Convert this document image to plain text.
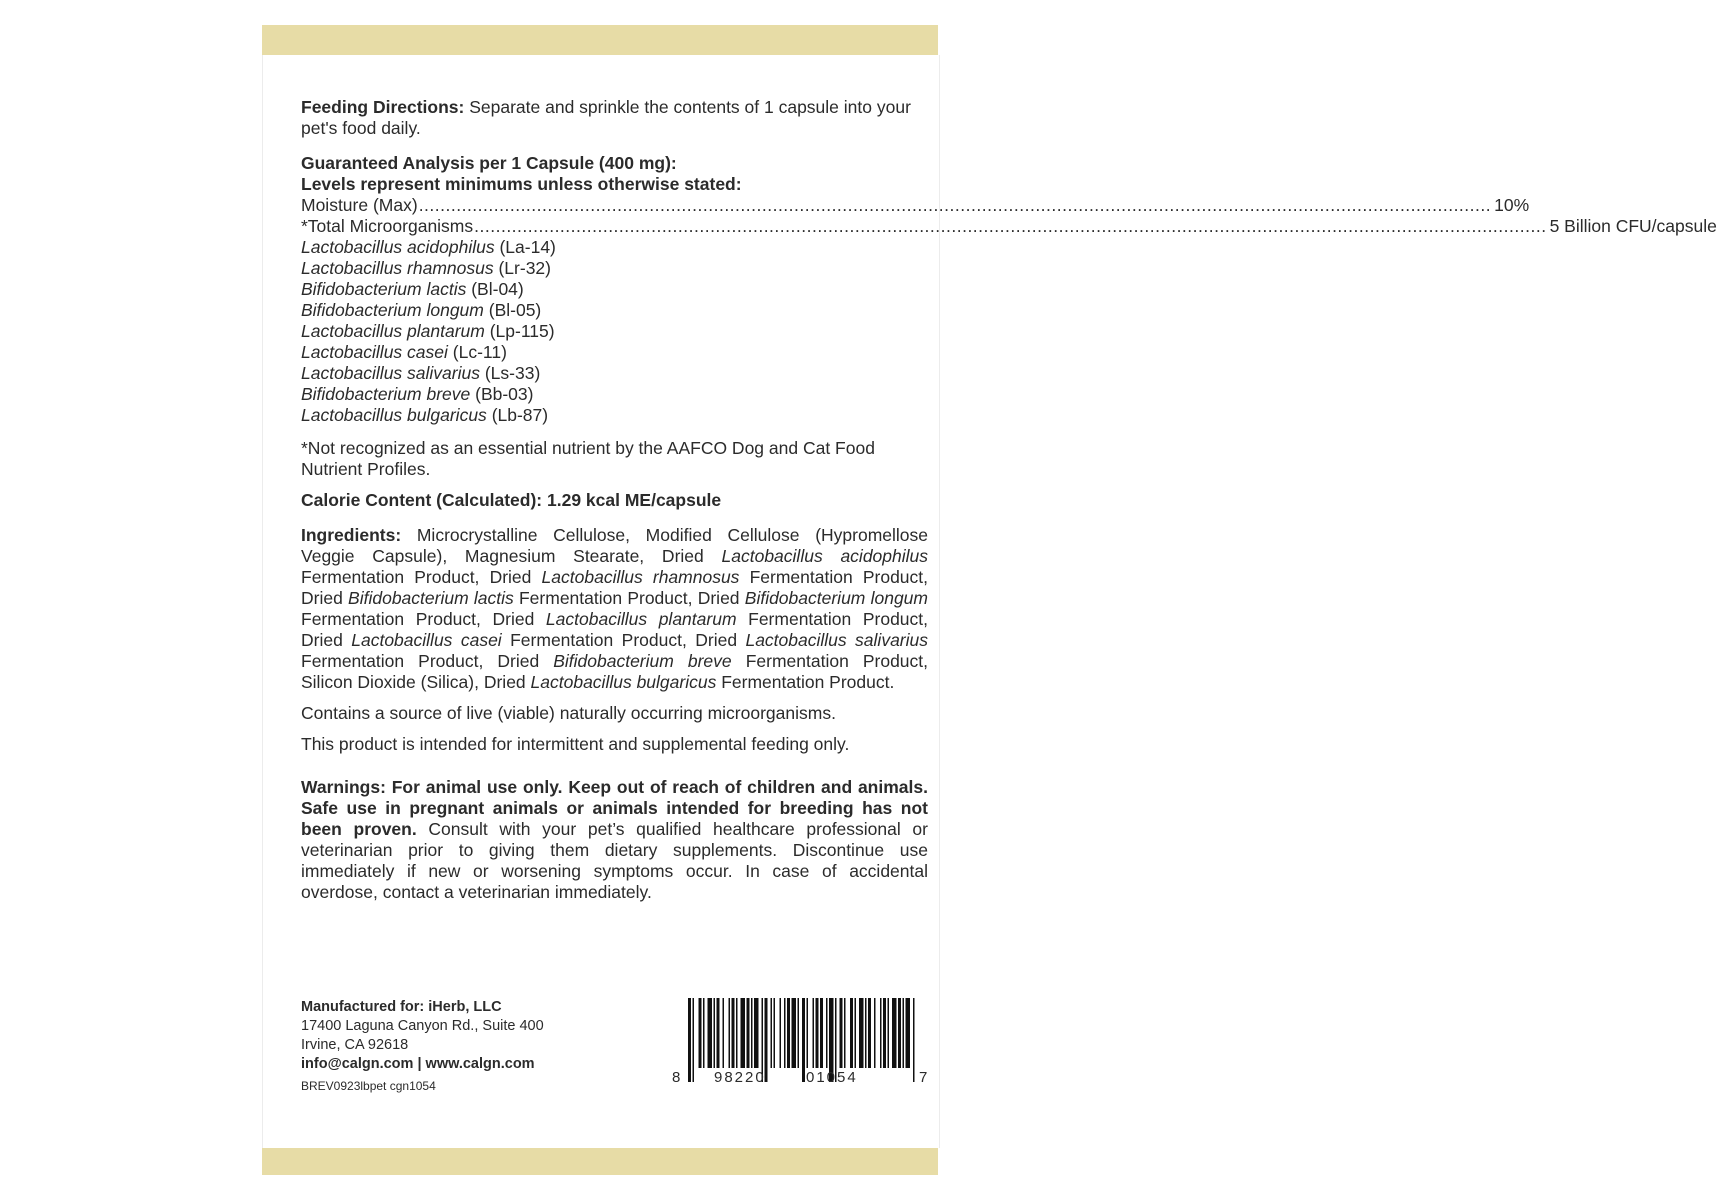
Feeding Directions: Separate and sprinkle the contents of 1 capsule into your pet's food daily.

Guaranteed Analysis per 1 Capsule (400 mg):

Levels represent minimums unless otherwise stated:

Moisture (Max) ........................................................................................................................................................................................................ 10%
*Total Microorganisms ........................................................................................................................................................................................................ 5 Billion CFU/capsule
Lactobacillus acidophilus (La-14)
Lactobacillus rhamnosus (Lr-32)
Bifidobacterium lactis (Bl-04)
Bifidobacterium longum (Bl-05)
Lactobacillus plantarum (Lp-115)
Lactobacillus casei (Lc-11)
Lactobacillus salivarius (Ls-33)
Bifidobacterium breve (Bb-03)
Lactobacillus bulgaricus (Lb-87)

*Not recognized as an essential nutrient by the AAFCO Dog and Cat Food Nutrient Profiles.

Calorie Content (Calculated): 1.29 kcal ME/capsule

Ingredients: Microcrystalline Cellulose, Modified Cellulose (Hypromellose Veggie Capsule), Magnesium Stearate, Dried Lactobacillus acidophilus Fermentation Product, Dried Lactobacillus rhamnosus Fermentation Product, Dried Bifidobacterium lactis Fermentation Product, Dried Bifidobacterium longum Fermentation Product, Dried Lactobacillus plantarum Fermentation Product, Dried Lactobacillus casei Fermentation Product, Dried Lactobacillus salivarius Fermentation Product, Dried Bifidobacterium breve Fermentation Product, Silicon Dioxide (Silica), Dried Lactobacillus bulgaricus Fermentation Product.

Contains a source of live (viable) naturally occurring microorganisms.

This product is intended for intermittent and supplemental feeding only.

Warnings: For animal use only. Keep out of reach of children and animals. Safe use in pregnant animals or animals intended for breeding has not been proven. Consult with your pet’s qualified healthcare professional or veterinarian prior to giving them dietary supplements. Discontinue use immediately if new or worsening symptoms occur. In case of accidental overdose, contact a veterinarian immediately.

Manufactured for: iHerb, LLC

17400 Laguna Canyon Rd., Suite 400

Irvine, CA 92618

info@calgn.com | www.calgn.com

BREV0923lbpet cgn1054	8 98220	01054	7
